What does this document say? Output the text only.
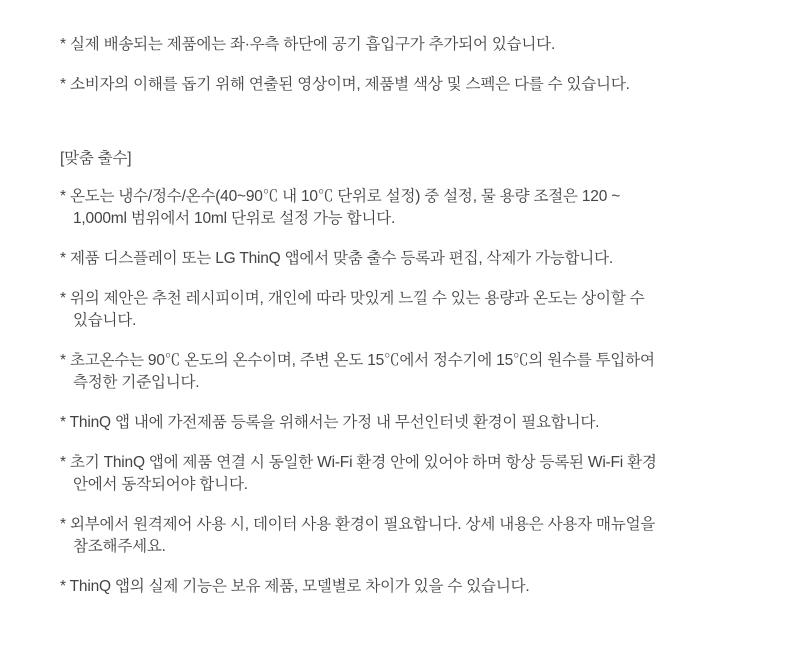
* 실제 배송되는 제품에는 좌·우측 하단에 공기 흡입구가 추가되어 있습니다.

* 소비자의 이해를 돕기 위해 연출된 영상이며, 제품별 색상 및 스펙은 다를 수 있습니다.

[맞춤 출수]

* 온도는 냉수/정수/온수(40~90℃ 내 10℃ 단위로 설정) 중 설정, 물 용량 조절은 120 ~

1,000ml 범위에서 10ml 단위로 설정 가능 합니다.

* 제품 디스플레이 또는 LG ThinQ 앱에서 맞춤 출수 등록과 편집, 삭제가 가능합니다.

* 위의 제안은 추천 레시피이며, 개인에 따라 맛있게 느낄 수 있는 용량과 온도는 상이할 수

있습니다.

* 초고온수는 90℃ 온도의 온수이며, 주변 온도 15℃에서 정수기에 15℃의 원수를 투입하여

측정한 기준입니다.

* ThinQ 앱 내에 가전제품 등록을 위해서는 가정 내 무선인터넷 환경이 필요합니다.

* 초기 ThinQ 앱에 제품 연결 시 동일한 Wi-Fi 환경 안에 있어야 하며 항상 등록된 Wi-Fi 환경

안에서 동작되어야 합니다.

* 외부에서 원격제어 사용 시, 데이터 사용 환경이 필요합니다. 상세 내용은 사용자 매뉴얼을

참조해주세요.

* ThinQ 앱의 실제 기능은 보유 제품, 모델별로 차이가 있을 수 있습니다.
